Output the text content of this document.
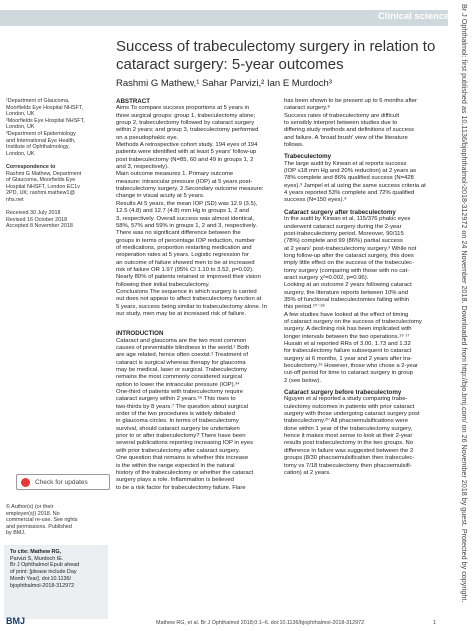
Clinical science
Success of trabeculectomy surgery in relation to cataract surgery: 5-year outcomes
Rashmi G Mathew,¹ Sahar Parvizi,² Ian E Murdoch³
¹Department of Glaucoma,
Moorfields Eye Hospital NHSFT,
London, UK
²Moorfields Eye Hospital NHSFT,
London, UK
³Department of Epidemiology
and International Eye Health,
Institute of Ophthalmology,
London, UK

Correspondence to
Rashmi G Mathew, Department
of Glaucoma, Moorfields Eye
Hospital NHSFT, London EC1v
2PD, UK; rashmi.mathew1@
nhs.net

Received 30 July 2018
Revised 16 October 2018
Accepted 8 November 2018
Check for updates
© Author(s) (or their
employer(s)) 2018. No
commercial re-use. See rights
and permissions. Published
by BMJ.
To cite: Mathew RG,
Parvizi S, Murdoch IE.
Br J Ophthalmol Epub ahead
of print: [please include Day
Month Year]. doi:10.1136/
bjophthalmol-2018-312972
ABSTRACT
Aims To compare success proportions at 5 years in
three surgical groups: group 1, trabeculectomy alone;
group 2, trabeculectomy followed by cataract surgery
within 2 years; and group 3, trabeculectomy performed
on a pseudophakic eye.
Methods A retrospective cohort study. 194 eyes of 194
patients were identified with at least 5 years' follow-up
post trabeculectomy (N=85, 60 and 49 in groups 1, 2
and 3, respectively).
Main outcome measures 1. Primary outcome
measure: intraocular pressure (IOP) at 5 years post-
trabeculectomy surgery. 2.Secondary outcome measure:
change in visual acuity at 5 years.
Results At 5 years, the mean IOP (SD) was 12.9 (3.5),
12.5 (4.8) and 12.7 (4.8) mm Hg in groups 1, 2 and
3, respectively. Overall success was almost identical,
58%, 57% and 59% in groups 1, 2 and 3, respectively.
There was no significant difference between the
groups in terms of percentage IOP reduction, number
of medications, proportion restarting medication and
reoperation rates at 5 years. Logistic regression for
an outcome of failure showed men to be at increased
risk of failure OR 1.97 (95% CI 1.10 to 3.52, p=0.02).
Nearly 80% of patients retained or improved their vision
following their initial trabeculectomy.
Conclusions The sequence in which surgery is carried
out does not appear to affect trabeculectomy function at
5 years, success being similar to trabeculectomy alone. In
our study, men may be at increased risk of failure.
INTRODUCTION
Cataract and glaucoma are the two most common
causes of preventable blindness in the world.¹ Both
are age related, hence often coexist.² Treatment of
cataract is surgical whereas therapy for glaucoma
may be medical, laser or surgical. Trabeculectomy
remains the most commonly considered surgical
option to lower the intraocular pressure (IOP).³⁴
One-third of patients with trabeculectomy require
cataract surgery within 2 years.⁵⁶ This rises to
two-thirds by 8 years.⁷ The question about surgical
order of the two procedures is widely debated
in glaucoma circles. In terms of trabeculectomy
survival, should cataract surgery be undertaken
prior to or after trabeculectomy? There have been
several publications reporting increasing IOP in eyes
with prior trabeculectomy after cataract surgery.
One question that remains is whether this increase
is the within the range expected in the natural
history of the trabeculectomy or whether the cataract
surgery plays a role. Inflammation is believed
to be a risk factor for trabeculectomy failure. Flare
has been shown to be present up to 6 months after
cataract surgery.⁸
Success rates of trabeculectomy are difficult
to sensibly interpret between studies due to
differing study methods and definitions of success
and failure. A 'broad brush' view of the literature
follows.
Trabeculectomy
The large audit by Kirwan et al reports success
(IOP ≤18 mm Hg and 20% reduction) at 2 years as
78% complete and 86% qualified success (N=428
eyes).³ Jampel et al using the same success criteria at
4 years reported 53% complete and 72% qualified
success (N=150 eyes).⁹
Cataract surgery after trabeculectomy
In the audit by Kirwan et al, 115/376 phakic eyes
underwent cataract surgery during the 2-year
post-trabeculectomy period. Moreover, 90/115
(78%) complete and 99 (86%) partial success
at 2 years' post-trabeculectomy surgery.³ While not
long follow-up after the cataract surgery, this does
imply little effect on the success of the trabeculec-
tomy surgery (comparing with those with no cat-
aract surgery χ²=0.002, p=0.96).
Looking at an outcome 2 years following cataract
surgery, the literature reports between 10% and
35% of functional trabeculectomies failing within
this period.¹⁰⁻¹⁸
A few studies have looked at the effect of timing
of cataract surgery on the success of trabeculectomy
surgery. A declining risk has been implicated with
longer intervals between the two operations.¹⁹ ¹⁷
Husain et al reported RRs of 3.00, 1.73 and 1.32
for trabeculectomy failure subsequent to cataract
surgery at 6 months, 1 year and 2 years after tra-
beculectomy.¹⁶ However, those who chose a 2-year
cut-off period for time to cataract surgery in group
2 (see below).
Cataract surgery before trabeculectomy
Nguyen et al reported a study comparing trabe-
culectomy outcomes in patients with prior cataract
surgery with those undergoing cataract surgery post
trabeculectomy.²⁰ All phacoemulsifications were
done within 1 year of the trabeculectomy surgery,
hence it makes most sense to look at their 2-year
results post trabeculectomy in the two groups. No
difference in failure was suggested between the 2
groups (8/30 phacoemulsification then trabeculec-
tomy vs 7/18 trabeculectomy then phacoemulsifi-
cation) at 2 years.
BMJ	Mathew RG, et al. Br J Ophthalmol 2018;0:1–6. doi:10.1136/bjophthalmol-2018-312972	1
Br J Ophthalmol: first published as 10.1136/bjophthalmol-2018-312972 on 24 November 2018. Downloaded from http://bjo.bmj.com/ on 26 November 2018 by guest. Protected by copyright.
